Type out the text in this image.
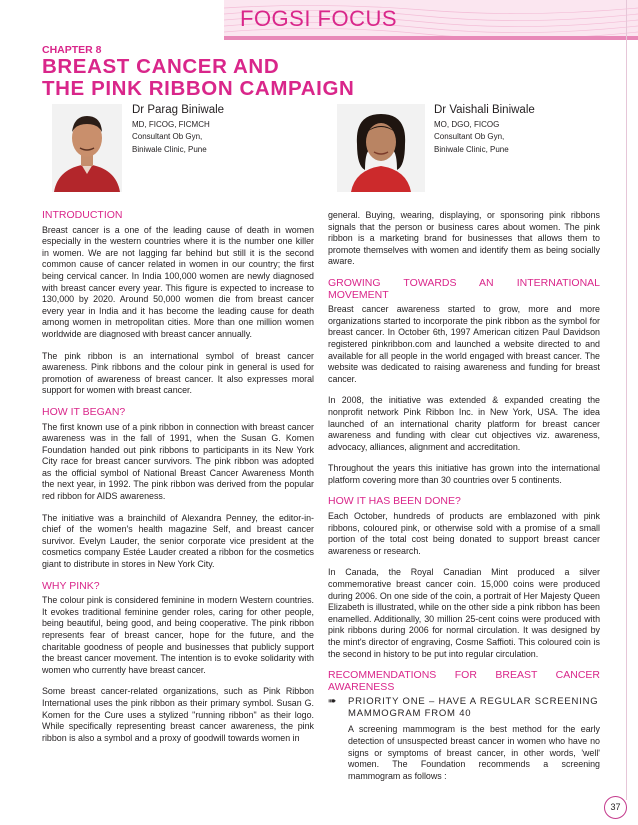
FOGSI FOCUS
CHAPTER 8
BREAST CANCER AND
THE PINK RIBBON CAMPAIGN
Dr Parag Biniwale
MD, FICOG, FICMCH
Consultant Ob Gyn,
Biniwale Clinic, Pune
Dr Vaishali Biniwale
MO, DGO, FICOG
Consultant Ob Gyn,
Biniwale Clinic, Pune
INTRODUCTION

Breast cancer is a one of the leading cause of death in women especially in the western countries where it is the number one killer in women. We are not lagging far behind but still it is the second common cause of cancer related in women in our country; the first being cervical cancer. In India 100,000 women are newly diagnosed with breast cancer every year. This figure is expected to increase to 130,000 by 2020. Around 50,000 women die from breast cancer every year in India and it has become the leading cause for death among women in metropolitan cities. More than one million women worldwide are diagnosed with breast cancer annually.

The pink ribbon is an international symbol of breast cancer awareness. Pink ribbons and the colour pink in general is used for promotion of awareness of breast cancer. It also expresses moral support for women with breast cancer.

HOW IT BEGAN?

The first known use of a pink ribbon in connection with breast cancer awareness was in the fall of 1991, when the Susan G. Komen Foundation handed out pink ribbons to participants in its New York City race for breast cancer survivors. The pink ribbon was adopted as the official symbol of National Breast Cancer Awareness Month the next year, in 1992. The pink ribbon was derived from the popular red ribbon for AIDS awareness.

The initiative was a brainchild of Alexandra Penney, the editor-in-chief of the women's health magazine Self, and breast cancer survivor. Evelyn Lauder, the senior corporate vice president at the cosmetics company Estée Lauder created a ribbon for the cosmetics giant to distribute in stores in New York City.

WHY PINK?

The colour pink is considered feminine in modern Western countries. It evokes traditional feminine gender roles, caring for other people, being beautiful, being good, and being cooperative. The pink ribbon represents fear of breast cancer, hope for the future, and the charitable goodness of people and businesses that publicly support the breast cancer movement. The intention is to evoke solidarity with women who currently have breast cancer.

Some breast cancer-related organizations, such as Pink Ribbon International uses the pink ribbon as their primary symbol. Susan G. Komen for the Cure uses a stylized "running ribbon" as their logo. While specifically representing breast cancer awareness, the pink ribbon is also a symbol and a proxy of goodwill towards women in

general. Buying, wearing, displaying, or sponsoring pink ribbons signals that the person or business cares about women. The pink ribbon is a marketing brand for businesses that allows them to promote themselves with women and identify them as being socially aware.

GROWING TOWARDS AN INTERNATIONAL MOVEMENT

Breast cancer awareness started to grow, more and more organizations started to incorporate the pink ribbon as the symbol for breast cancer. In October 6th, 1997 American citizen Paul Davidson registered pinkribbon.com and launched a website directed to and available for all people in the world engaged with breast cancer. The website was dedicated to raising awareness and funding for breast cancer.

In 2008, the initiative was extended & expanded creating the nonprofit network Pink Ribbon Inc. in New York, USA. The idea launched of an international charity platform for breast cancer awareness and funding with clear cut objectives viz. awareness, advocacy, alliances, alignment and accreditation.

Throughout the years this initiative has grown into the international platform covering more than 30 countries over 5 continents.

HOW IT HAS BEEN DONE?

Each October, hundreds of products are emblazoned with pink ribbons, coloured pink, or otherwise sold with a promise of a small portion of the total cost being donated to support breast cancer awareness or research.

In Canada, the Royal Canadian Mint produced a silver commemorative breast cancer coin. 15,000 coins were produced during 2006. On one side of the coin, a portrait of Her Majesty Queen Elizabeth is illustrated, while on the other side a pink ribbon has been enamelled. Additionally, 30 million 25-cent coins were produced with pink ribbons during 2006 for normal circulation. It was designed by the mint's director of engraving, Cosme Saffioti. This coloured coin is the second in history to be put into regular circulation.

RECOMMENDATIONS FOR BREAST CANCER AWARENESS
➠	PRIORITY ONE – HAVE A REGULAR SCREENING MAMMOGRAM FROM 40

A screening mammogram is the best method for the early detection of unsuspected breast cancer in women who have no signs or symptoms of breast cancer, in other words, 'well' women. The Foundation recommends a screening mammogram as follows :

37
